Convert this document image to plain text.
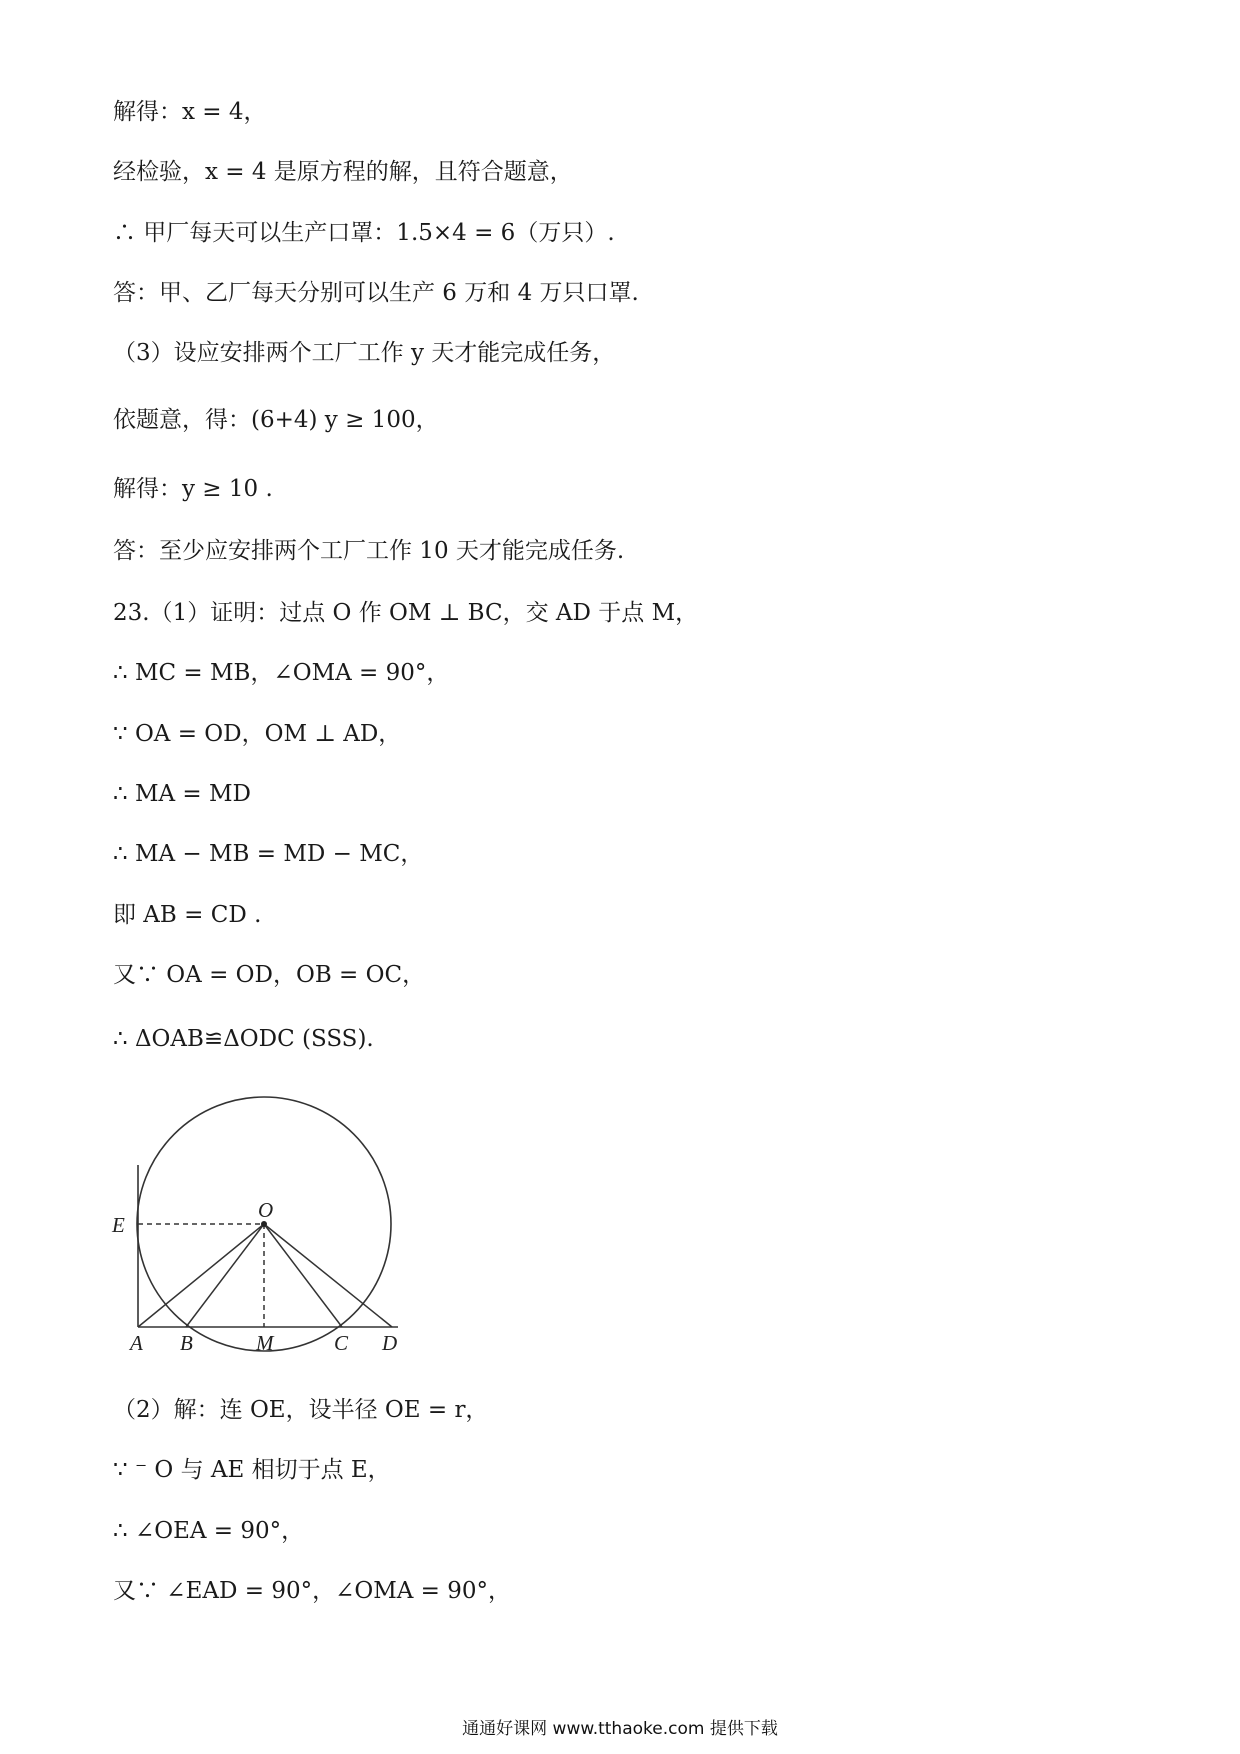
解得：x = 4，
经检验，x = 4 是原方程的解，且符合题意，
∴ 甲厂每天可以生产口罩：1.5×4 = 6（万只）.
答：甲、乙厂每天分别可以生产 6 万和 4 万只口罩.
（3）设应安排两个工厂工作 y 天才能完成任务，
依题意，得：(6+4) y ≥ 100，
解得：y ≥ 10 .
答：至少应安排两个工厂工作 10 天才能完成任务.
23.（1）证明：过点 O 作 OM ⊥ BC，交 AD 于点 M，
∴ MC = MB，∠OMA = 90°，
∵ OA = OD，OM ⊥ AD，
∴ MA = MD
∴ MA − MB = MD − MC，
即 AB = CD .
又∵ OA = OD，OB = OC，
∴ ΔOAB≌ΔODC (SSS).
O
E
A B	M	C D
（2）解：连 OE，设半径 OE = r，
∵ ⁻ O 与 AE 相切于点 E，
∴ ∠OEA = 90°，
又∵ ∠EAD = 90°，∠OMA = 90°，
通通好课网 www.tthaoke.com 提供下载
